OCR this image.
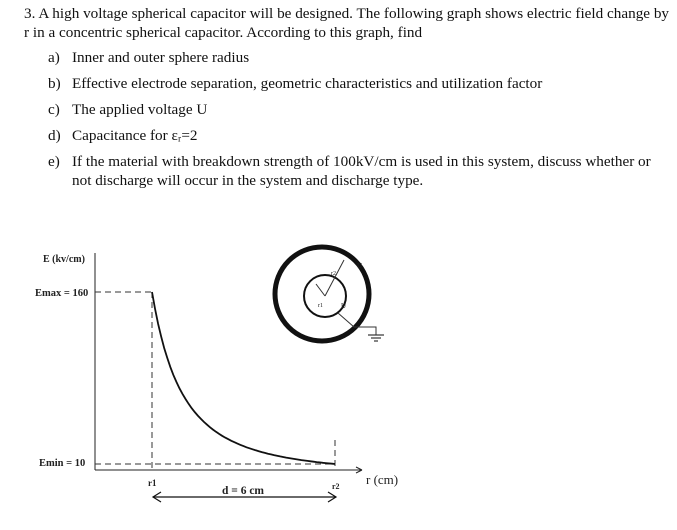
3. A high voltage spherical capacitor will be designed. The following graph shows electric field change by r in a concentric spherical capacitor. According to this graph, find

a) Inner and outer sphere radius
b) Effective electrode separation, geometric characteristics and utilization factor
c) The applied voltage U
d) Capacitance for εᵣ=2
e) If the material with breakdown strength of 100kV/cm is used in this system, discuss whether or not discharge will occur in the system and discharge type.
E (kv/cm)
r (cm)
Emax = 160
Emin = 10
r1	r2
d = 6 cm
r1
r2
U
U
